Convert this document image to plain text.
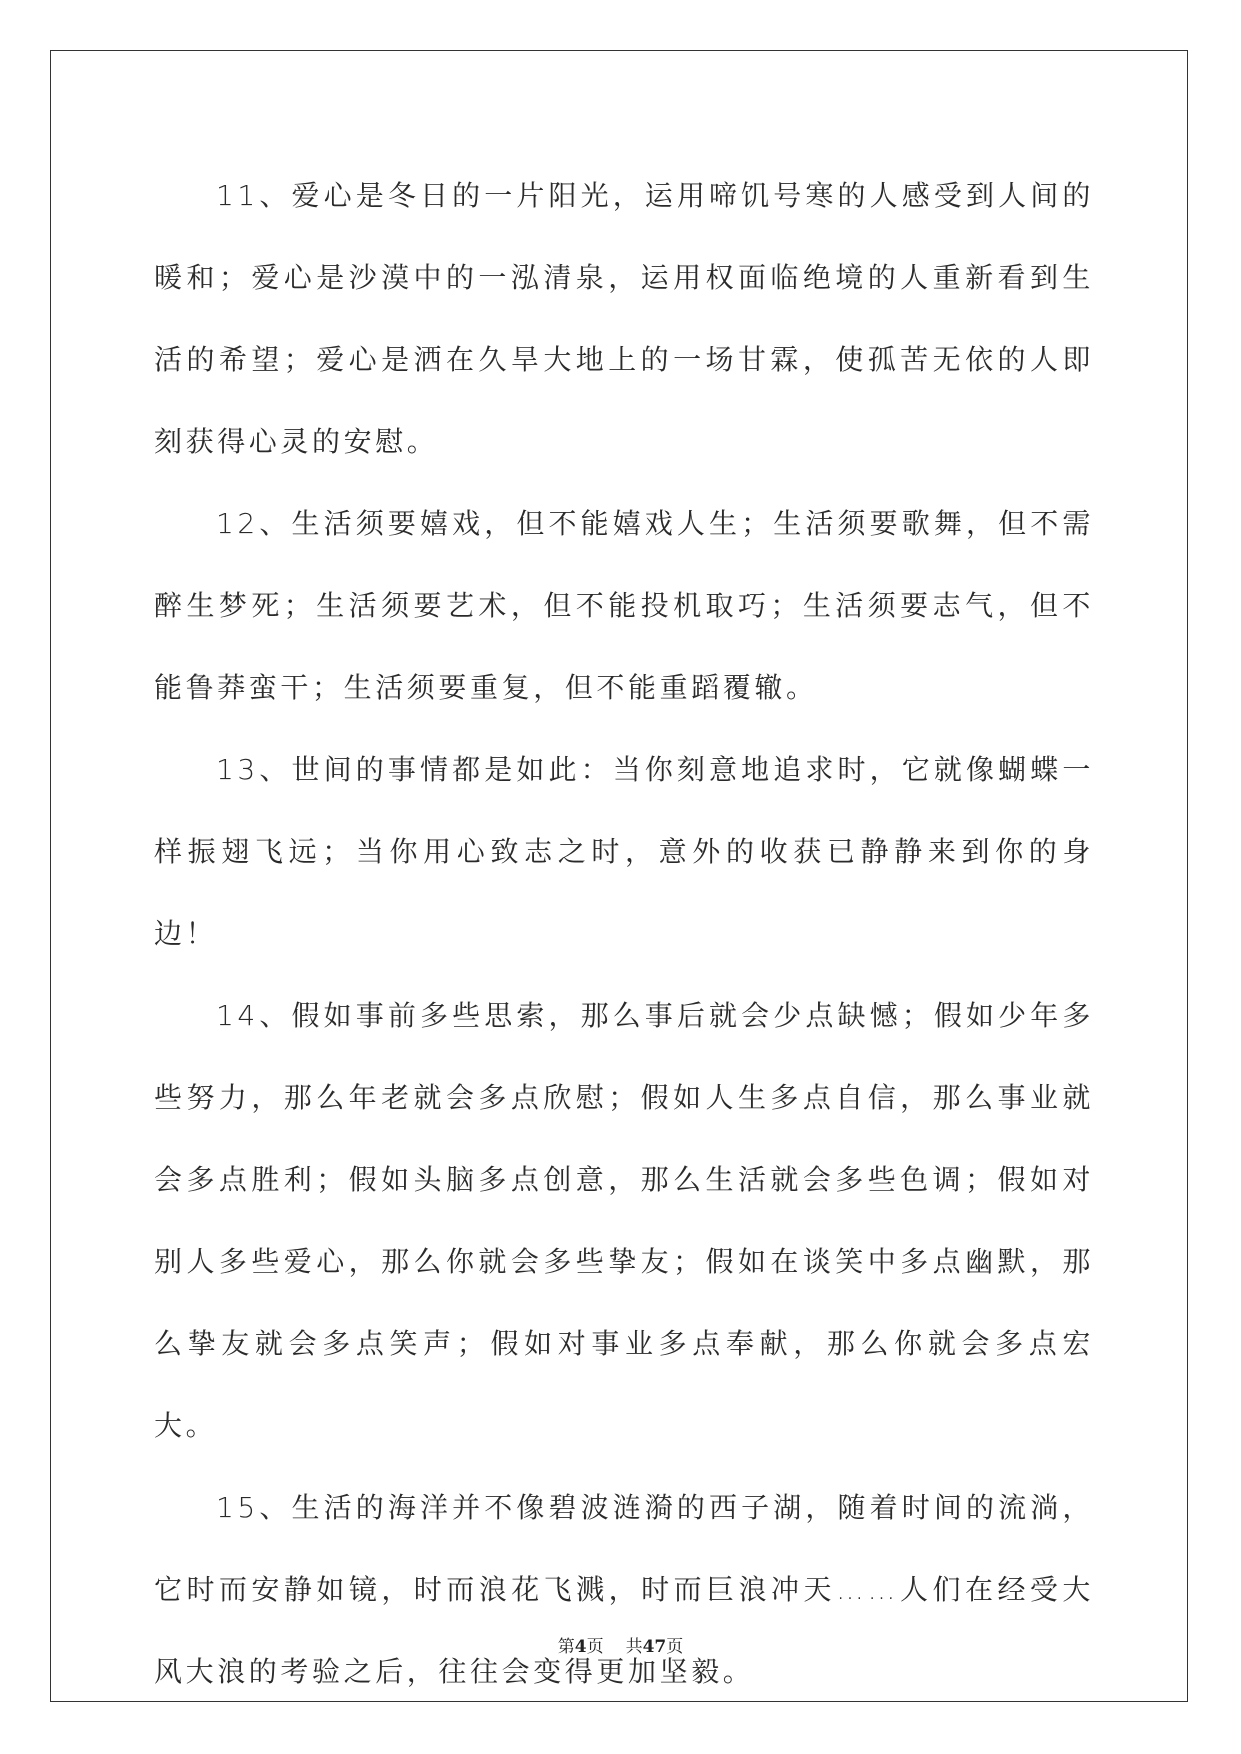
11、爱心是冬日的一片阳光，运用啼饥号寒的人感受到人间的暖和；爱心是沙漠中的一泓清泉，运用权面临绝境的人重新看到生活的希望；爱心是洒在久旱大地上的一场甘霖，使孤苦无依的人即刻获得心灵的安慰。

12、生活须要嬉戏，但不能嬉戏人生；生活须要歌舞，但不需醉生梦死；生活须要艺术，但不能投机取巧；生活须要志气，但不能鲁莽蛮干；生活须要重复，但不能重蹈覆辙。

13、世间的事情都是如此：当你刻意地追求时，它就像蝴蝶一样振翅飞远；当你用心致志之时，意外的收获已静静来到你的身边！

14、假如事前多些思索，那么事后就会少点缺憾；假如少年多些努力，那么年老就会多点欣慰；假如人生多点自信，那么事业就会多点胜利；假如头脑多点创意，那么生活就会多些色调；假如对别人多些爱心，那么你就会多些挚友；假如在谈笑中多点幽默，那么挚友就会多点笑声；假如对事业多点奉献，那么你就会多点宏大。

15、生活的海洋并不像碧波涟漪的西子湖，随着时间的流淌，它时而安静如镜，时而浪花飞溅，时而巨浪冲天……人们在经受大风大浪的考验之后，往往会变得更加坚毅。

第4页 共47页
